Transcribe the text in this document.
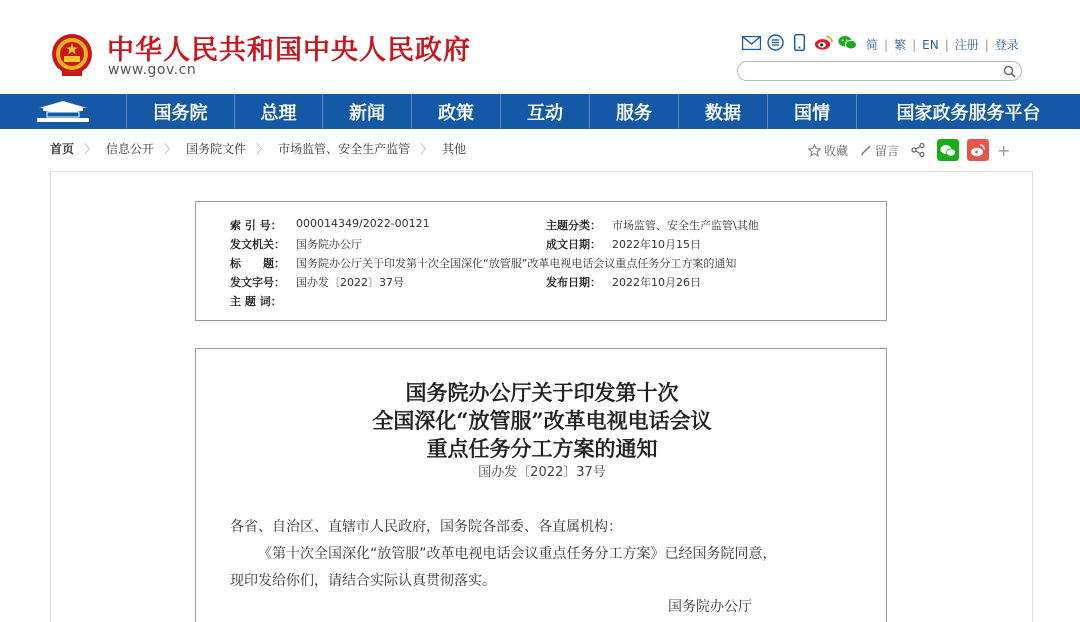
中华人民共和国中央人民政府
www.gov.cn
简 | 繁 | EN | 注册 | 登录
国务院	总理	新闻	政策	互动	服务	数据	国情	国家政务服务平台
首页 〉 信息公开 〉 国务院文件 〉 市场监管、安全生产监管 〉 其他	收藏 留言	+
索 引 号：	000014349/2022-00121	主题分类：	市场监管、安全生产监管\其他
发文机关：	国务院办公厅	成文日期：	2022年10月15日
标　　题：	国务院办公厅关于印发第十次全国深化“放管服”改革电视电话会议重点任务分工方案的通知
发文字号：	国办发〔2022〕37号	发布日期：	2022年10月26日
主 题 词：
国务院办公厅关于印发第十次
全国深化“放管服”改革电视电话会议
重点任务分工方案的通知
国办发〔2022〕37号
各省、自治区、直辖市人民政府，国务院各部委、各直属机构：
《第十次全国深化“放管服”改革电视电话会议重点任务分工方案》已经国务院同意，
现印发给你们，请结合实际认真贯彻落实。
国务院办公厅
